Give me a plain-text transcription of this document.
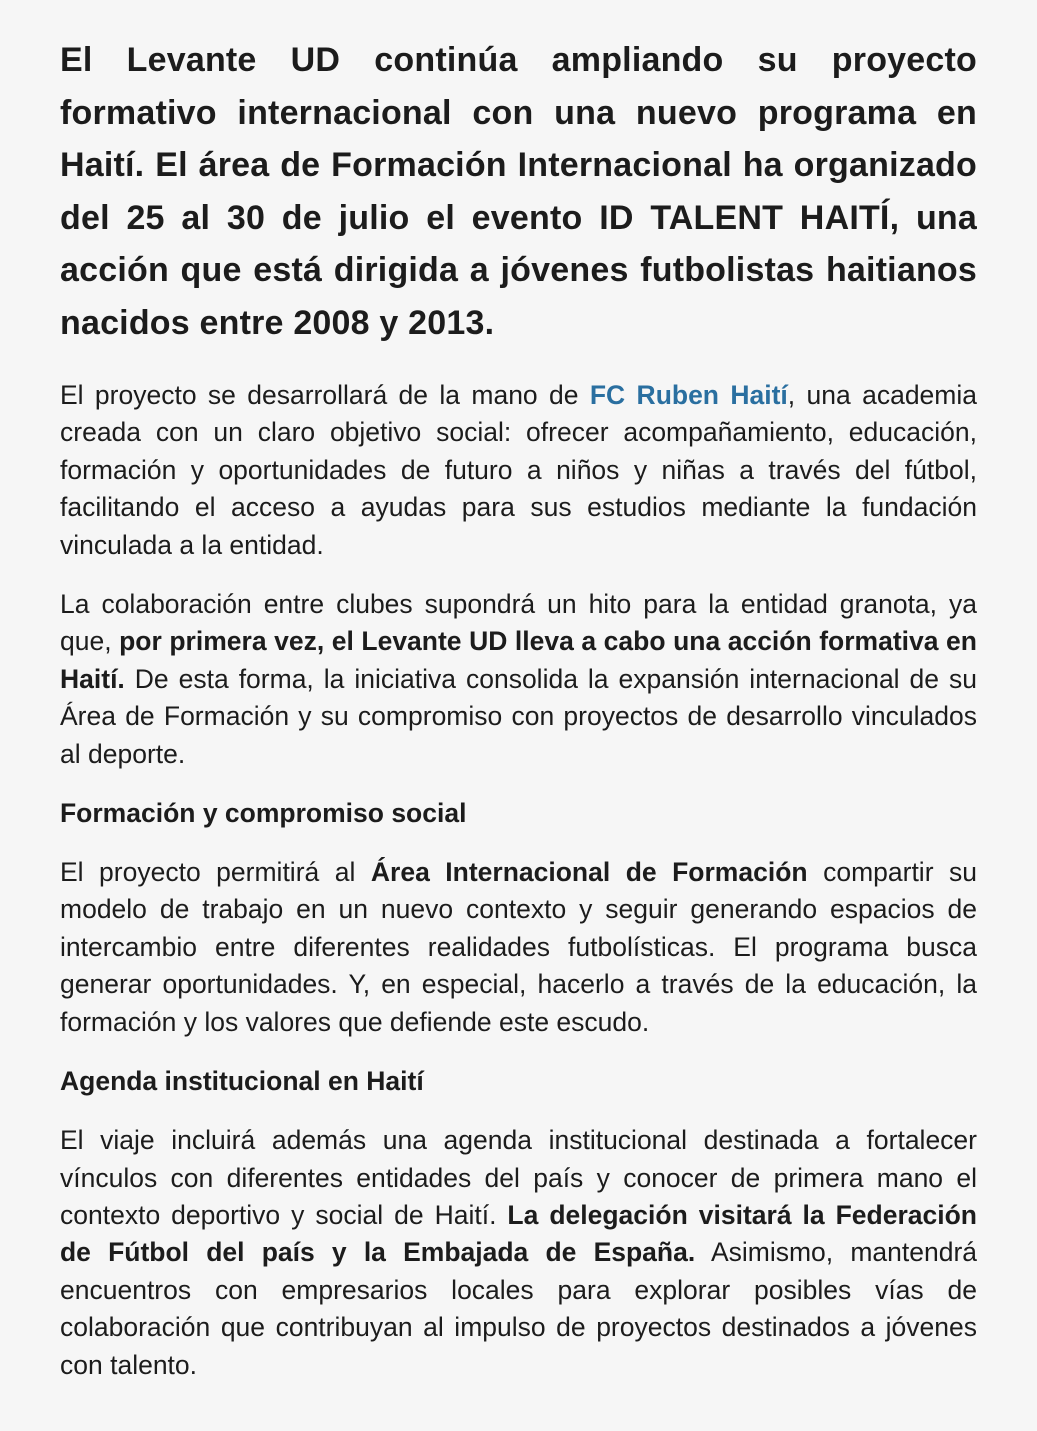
El Levante UD continúa ampliando su proyecto formativo internacional con una nuevo programa en Haití. El área de Formación Internacional ha organizado del 25 al 30 de julio el evento ID TALENT HAITÍ, una acción que está dirigida a jóvenes futbolistas haitianos nacidos entre 2008 y 2013.

El proyecto se desarrollará de la mano de FC Ruben Haití, una academia creada con un claro objetivo social: ofrecer acompañamiento, educación, formación y oportunidades de futuro a niños y niñas a través del fútbol, facilitando el acceso a ayudas para sus estudios mediante la fundación vinculada a la entidad.

La colaboración entre clubes supondrá un hito para la entidad granota, ya que, por primera vez, el Levante UD lleva a cabo una acción formativa en Haití. De esta forma, la iniciativa consolida la expansión internacional de su Área de Formación y su compromiso con proyectos de desarrollo vinculados al deporte.

Formación y compromiso social

El proyecto permitirá al Área Internacional de Formación compartir su modelo de trabajo en un nuevo contexto y seguir generando espacios de intercambio entre diferentes realidades futbolísticas. El programa busca generar oportunidades. Y, en especial, hacerlo a través de la educación, la formación y los valores que defiende este escudo.

Agenda institucional en Haití

El viaje incluirá además una agenda institucional destinada a fortalecer vínculos con diferentes entidades del país y conocer de primera mano el contexto deportivo y social de Haití. La delegación visitará la Federación de Fútbol del país y la Embajada de España. Asimismo, mantendrá encuentros con empresarios locales para explorar posibles vías de colaboración que contribuyan al impulso de proyectos destinados a jóvenes con talento.
